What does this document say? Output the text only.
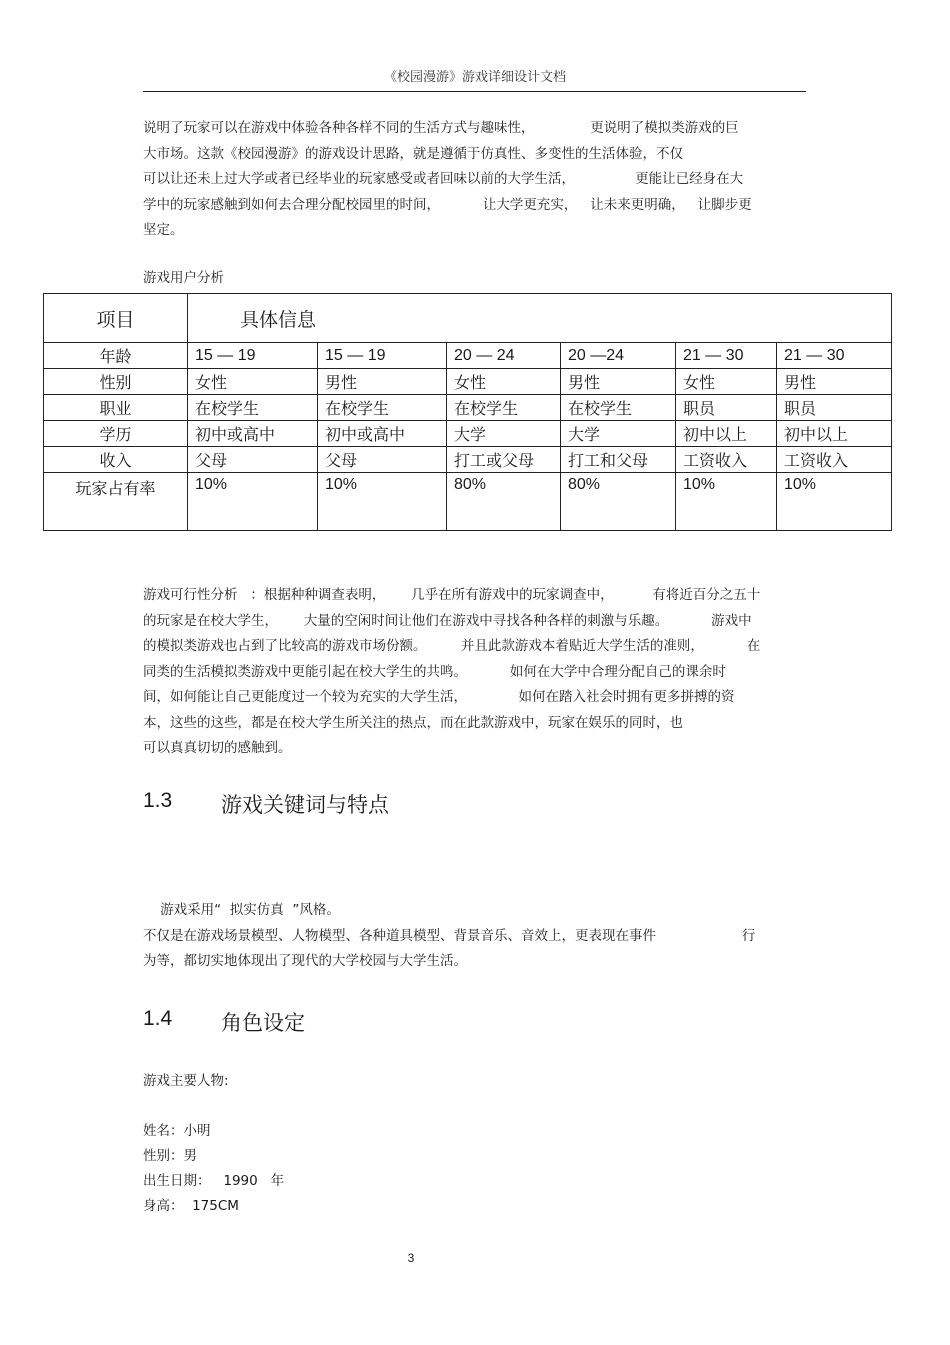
《校园漫游》游戏详细设计文档
说明了玩家可以在游戏中体验各种各样不同的生活方式与趣味性，             更说明了模拟类游戏的巨
大市场。这款《校园漫游》的游戏设计思路，就是遵循于仿真性、多变性的生活体验，不仅
可以让还未上过大学或者已经毕业的玩家感受或者回味以前的大学生活，              更能让已经身在大
学中的玩家感触到如何去合理分配校园里的时间，          让大学更充实，   让未来更明确，   让脚步更
坚定。
游戏用户分析
项目	具体信息					
年龄	15 — 19	15 — 19	20 — 24	20 —24	21 — 30	21 — 30
性别	女性	男性	女性	男性	女性	男性
职业	在校学生	在校学生	在校学生	在校学生	职员	职员
学历	初中或高中	初中或高中	大学	大学	初中以上	初中以上
收入	父母	父母	打工或父母	打工和父母	工资收入	工资收入
玩家占有率	10%	10%	80%	80%	10%	10%
游戏可行性分析   ：根据种种调查表明，      几乎在所有游戏中的玩家调查中，         有将近百分之五十
的玩家是在校大学生，      大量的空闲时间让他们在游戏中寻找各种各样的刺激与乐趣。          游戏中
的模拟类游戏也占到了比较高的游戏市场份额。        并且此款游戏本着贴近大学生活的准则，          在
同类的生活模拟类游戏中更能引起在校大学生的共鸣。          如何在大学中合理分配自己的课余时
间，如何能让自己更能度过一个较为充实的大学生活，            如何在踏入社会时拥有更多拼搏的资
本，这些的这些，都是在校大学生所关注的热点，而在此款游戏中，玩家在娱乐的同时，也
可以真真切切的感触到。
1.3 游戏关键词与特点
游戏采用“  拟实仿真  ”风格。
不仅是在游戏场景模型、人物模型、各种道具模型、背景音乐、音效上，更表现在事件                    行
为等，都切实地体现出了现代的大学校园与大学生活。
1.4 角色设定
游戏主要人物:
姓名：小明
性别：男
出生日期：   1990   年
身高：  175CM
3
